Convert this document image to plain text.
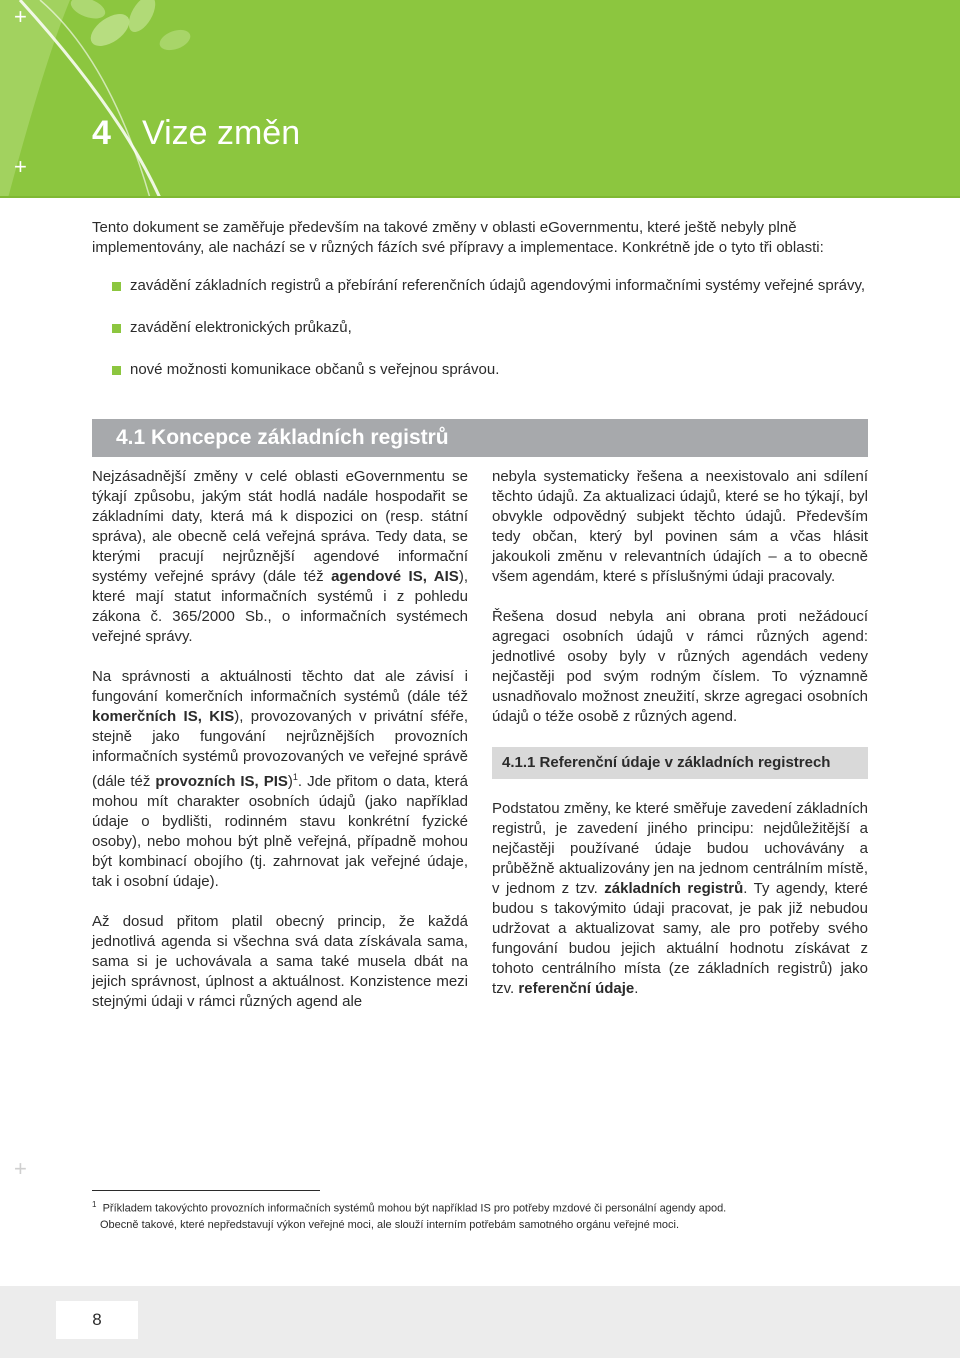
4 Vize změn
+
+
Tento dokument se zaměřuje především na takové změny v oblasti eGovernmentu, které ještě nebyly plně implementovány, ale nachází se v různých fázích své přípravy a implementace. Konkrétně jde o tyto tři oblasti:
zavádění základních registrů a přebírání referenčních údajů agendovými informačními systémy veřejné správy,
zavádění elektronických průkazů,
nové možnosti komunikace občanů s veřejnou správou.
4.1 Koncepce základních registrů

Nejzásadnější změny v celé oblasti eGovernmentu se týkají způsobu, jakým stát hodlá nadále hospodařit se základními daty, která má k dispozici on (resp. státní správa), ale obecně celá veřejná správa. Tedy data, se kterými pracují nejrůznější agendové informační systémy veřejné správy (dále též agendové IS, AIS), které mají statut informačních systémů i z pohledu zákona č. 365/2000 Sb., o informačních systémech veřejné správy.

Na správnosti a aktuálnosti těchto dat ale závisí i fungování komerčních informačních systémů (dále též komerčních IS, KIS), provozovaných v privátní sféře, stejně jako fungování nejrůznějších provozních informačních systémů provozovaných ve veřejné správě (dále též provozních IS, PIS)$^1$. Jde přitom o data, která mohou mít charakter osobních údajů (jako například údaje o bydlišti, rodinném stavu konkrétní fyzické osoby), nebo mohou být plně veřejná, případně mohou být kombinací obojího (tj. zahrnovat jak veřejné údaje, tak i osobní údaje).

Až dosud přitom platil obecný princip, že každá jednotlivá agenda si všechna svá data získávala sama, sama si je uchovávala a sama také musela dbát na jejich správnost, úplnost a aktuálnost. Konzistence mezi stejnými údaji v rámci různých agend ale

nebyla systematicky řešena a neexistovalo ani sdílení těchto údajů. Za aktualizaci údajů, které se ho týkají, byl obvykle odpovědný subjekt těchto údajů. Především tedy občan, který byl povinen sám a včas hlásit jakoukoli změnu v relevantních údajích – a to obecně všem agendám, které s příslušnými údaji pracovaly.

Řešena dosud nebyla ani obrana proti nežádoucí agregaci osobních údajů v rámci různých agend: jednotlivé osoby byly v různých agendách vedeny nejčastěji pod svým rodným číslem. To významně usnadňovalo možnost zneužití, skrze agregaci osobních údajů o téže osobě z různých agend.

4.1.1 Referenční údaje v základních registrech

Podstatou změny, ke které směřuje zavedení základních registrů, je zavedení jiného principu: nejdůležitější a nejčastěji používané údaje budou uchovávány a průběžně aktualizovány jen na jednom centrálním místě, v jednom z tzv. základních registrů. Ty agendy, které budou s takovýmito údaji pracovat, je pak již nebudou udržovat a aktualizovat samy, ale pro potřeby svého fungování budou jejich aktuální hodnotu získávat z tohoto centrálního místa (ze základních registrů) jako tzv. referenční údaje.

+
$^1$ Příkladem takovýchto provozních informačních systémů mohou být například IS pro potřeby mzdové či personální agendy apod.
Obecně takové, které nepředstavují výkon veřejné moci, ale slouží interním potřebám samotného orgánu veřejné moci.
8
